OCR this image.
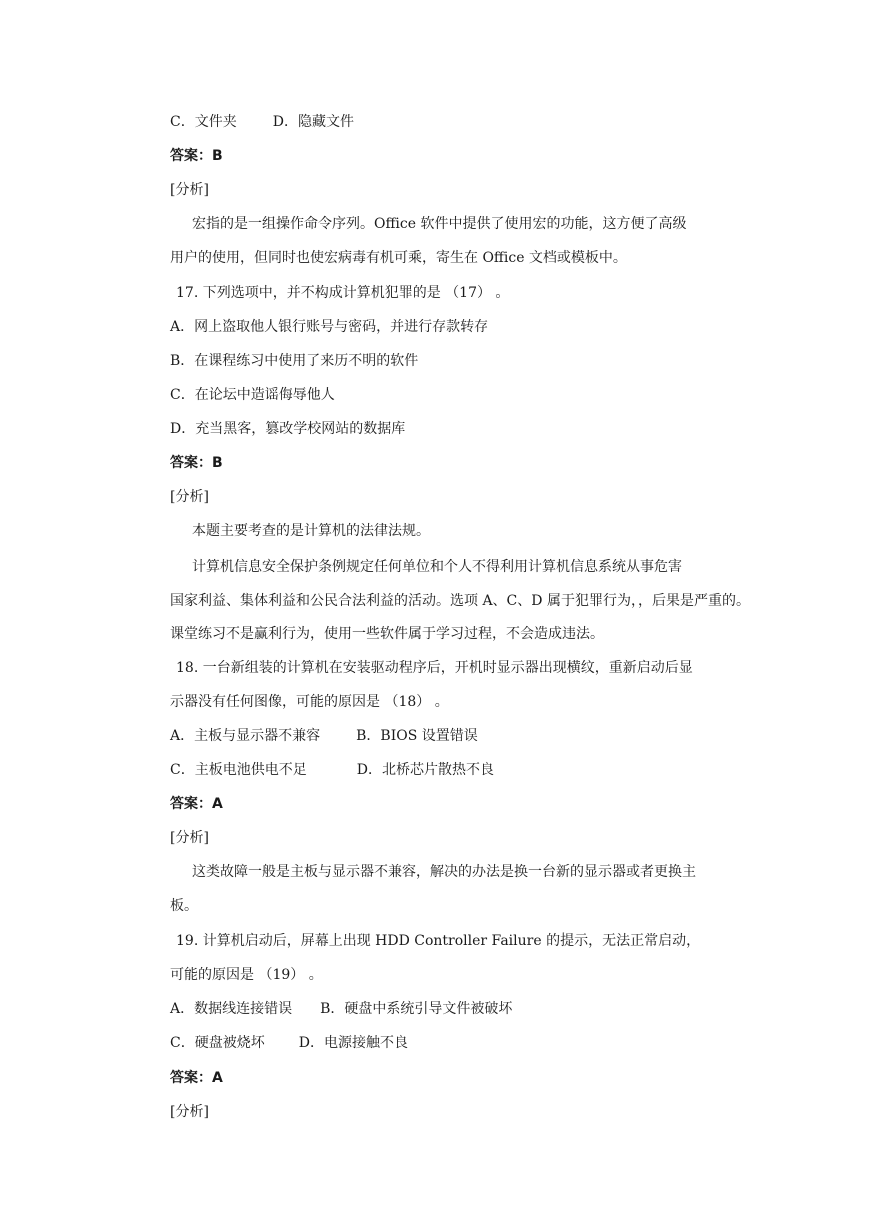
C．文件夹	D．隐藏文件
答案：B
[分析]
宏指的是一组操作命令序列。Office 软件中提供了使用宏的功能，这方便了高级
用户的使用，但同时也使宏病毒有机可乘，寄生在 Office 文档或模板中。
17. 下列选项中，并不构成计算机犯罪的是 （17） 。
A．网上盗取他人银行账号与密码，并进行存款转存
B．在课程练习中使用了来历不明的软件
C．在论坛中造谣侮辱他人
D．充当黑客，篡改学校网站的数据库
答案：B
[分析]
本题主要考查的是计算机的法律法规。
计算机信息安全保护条例规定任何单位和个人不得利用计算机信息系统从事危害
国家利益、集体利益和公民合法利益的活动。选项 A、C、D 属于犯罪行为，，后果是严重的。
课堂练习不是赢利行为，使用一些软件属于学习过程，不会造成违法。
18. 一台新组装的计算机在安装驱动程序后，开机时显示器出现横纹，重新启动后显
示器没有任何图像，可能的原因是 （18） 。
A．主板与显示器不兼容	B．BIOS 设置错误
C．主板电池供电不足	D．北桥芯片散热不良
答案：A
[分析]
这类故障一般是主板与显示器不兼容，解决的办法是换一台新的显示器或者更换主
板。
19. 计算机启动后，屏幕上出现 HDD Controller Failure 的提示，无法正常启动，
可能的原因是 （19） 。
A．数据线连接错误 B．硬盘中系统引导文件被破坏
C．硬盘被烧坏 D．电源接触不良
答案：A
[分析]
